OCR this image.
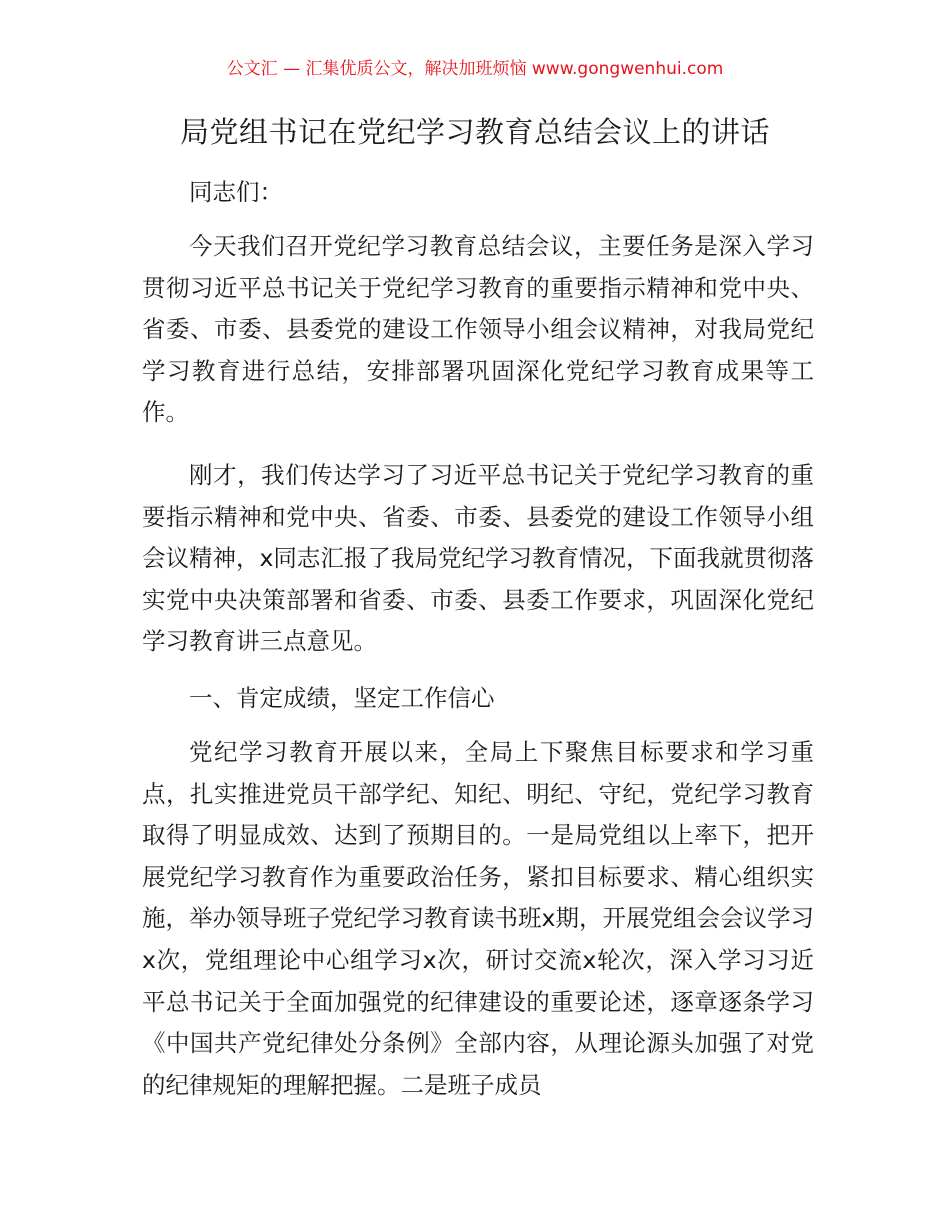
公文汇 — 汇集优质公文，解决加班烦恼 www.gongwenhui.com
局党组书记在党纪学习教育总结会议上的讲话
同志们：

今天我们召开党纪学习教育总结会议，主要任务是深入学习贯彻习近平总书记关于党纪学习教育的重要指示精神和党中央、省委、市委、县委党的建设工作领导小组会议精神，对我局党纪学习教育进行总结，安排部署巩固深化党纪学习教育成果等工作。

刚才，我们传达学习了习近平总书记关于党纪学习教育的重要指示精神和党中央、省委、市委、县委党的建设工作领导小组会议精神，x同志汇报了我局党纪学习教育情况，下面我就贯彻落实党中央决策部署和省委、市委、县委工作要求，巩固深化党纪学习教育讲三点意见。

一、肯定成绩，坚定工作信心

党纪学习教育开展以来，全局上下聚焦目标要求和学习重点，扎实推进党员干部学纪、知纪、明纪、守纪，党纪学习教育取得了明显成效、达到了预期目的。一是局党组以上率下，把开展党纪学习教育作为重要政治任务，紧扣目标要求、精心组织实施，举办领导班子党纪学习教育读书班x期，开展党组会会议学习x次，党组理论中心组学习x次，研讨交流x轮次，深入学习习近平总书记关于全面加强党的纪律建设的重要论述，逐章逐条学习《中国共产党纪律处分条例》全部内容，从理论源头加强了对党的纪律规矩的理解把握。二是班子成员
